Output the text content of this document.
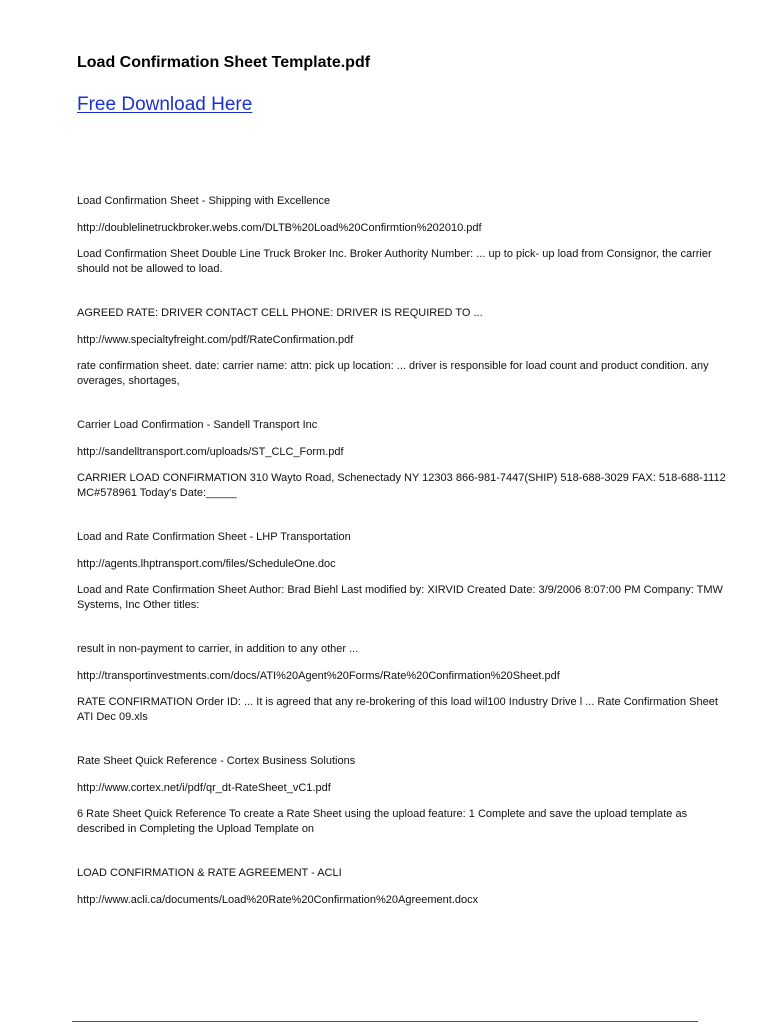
Load Confirmation Sheet Template.pdf
Free Download Here

Load Confirmation Sheet - Shipping with Excellence

http://doublelinetruckbroker.webs.com/DLTB%20Load%20Confirmtion%202010.pdf

Load Confirmation Sheet Double Line Truck Broker Inc. Broker Authority Number: ... up to pick- up load from Consignor, the carrier should not be allowed to load.

AGREED RATE: DRIVER CONTACT CELL PHONE: DRIVER IS REQUIRED TO ...

http://www.specialtyfreight.com/pdf/RateConfirmation.pdf

rate confirmation sheet. date: carrier name: attn: pick up location: ... driver is responsible for load count and product condition. any overages, shortages,

Carrier Load Confirmation - Sandell Transport Inc

http://sandelltransport.com/uploads/ST_CLC_Form.pdf

CARRIER LOAD CONFIRMATION 310 Wayto Road, Schenectady NY 12303 866-981-7447(SHIP) 518-688-3029 FAX: 518-688-1112 MC#578961 Today's Date:_____

Load and Rate Confirmation Sheet - LHP Transportation

http://agents.lhptransport.com/files/ScheduleOne.doc

Load and Rate Confirmation Sheet Author: Brad Biehl Last modified by: XIRVID Created Date: 3/9/2006 8:07:00 PM Company: TMW Systems, Inc Other titles:

result in non-payment to carrier, in addition to any other ...

http://transportinvestments.com/docs/ATI%20Agent%20Forms/Rate%20Confirmation%20Sheet.pdf

RATE CONFIRMATION Order ID: ... It is agreed that any re-brokering of this load wil100 Industry Drive l ... Rate Confirmation Sheet ATI Dec 09.xls

Rate Sheet Quick Reference - Cortex Business Solutions

http://www.cortex.net/i/pdf/qr_dt-RateSheet_vC1.pdf

6 Rate Sheet Quick Reference To create a Rate Sheet using the upload feature: 1 Complete and save the upload template as described in Completing the Upload Template on

LOAD CONFIRMATION & RATE AGREEMENT - ACLI

http://www.acli.ca/documents/Load%20Rate%20Confirmation%20Agreement.docx
